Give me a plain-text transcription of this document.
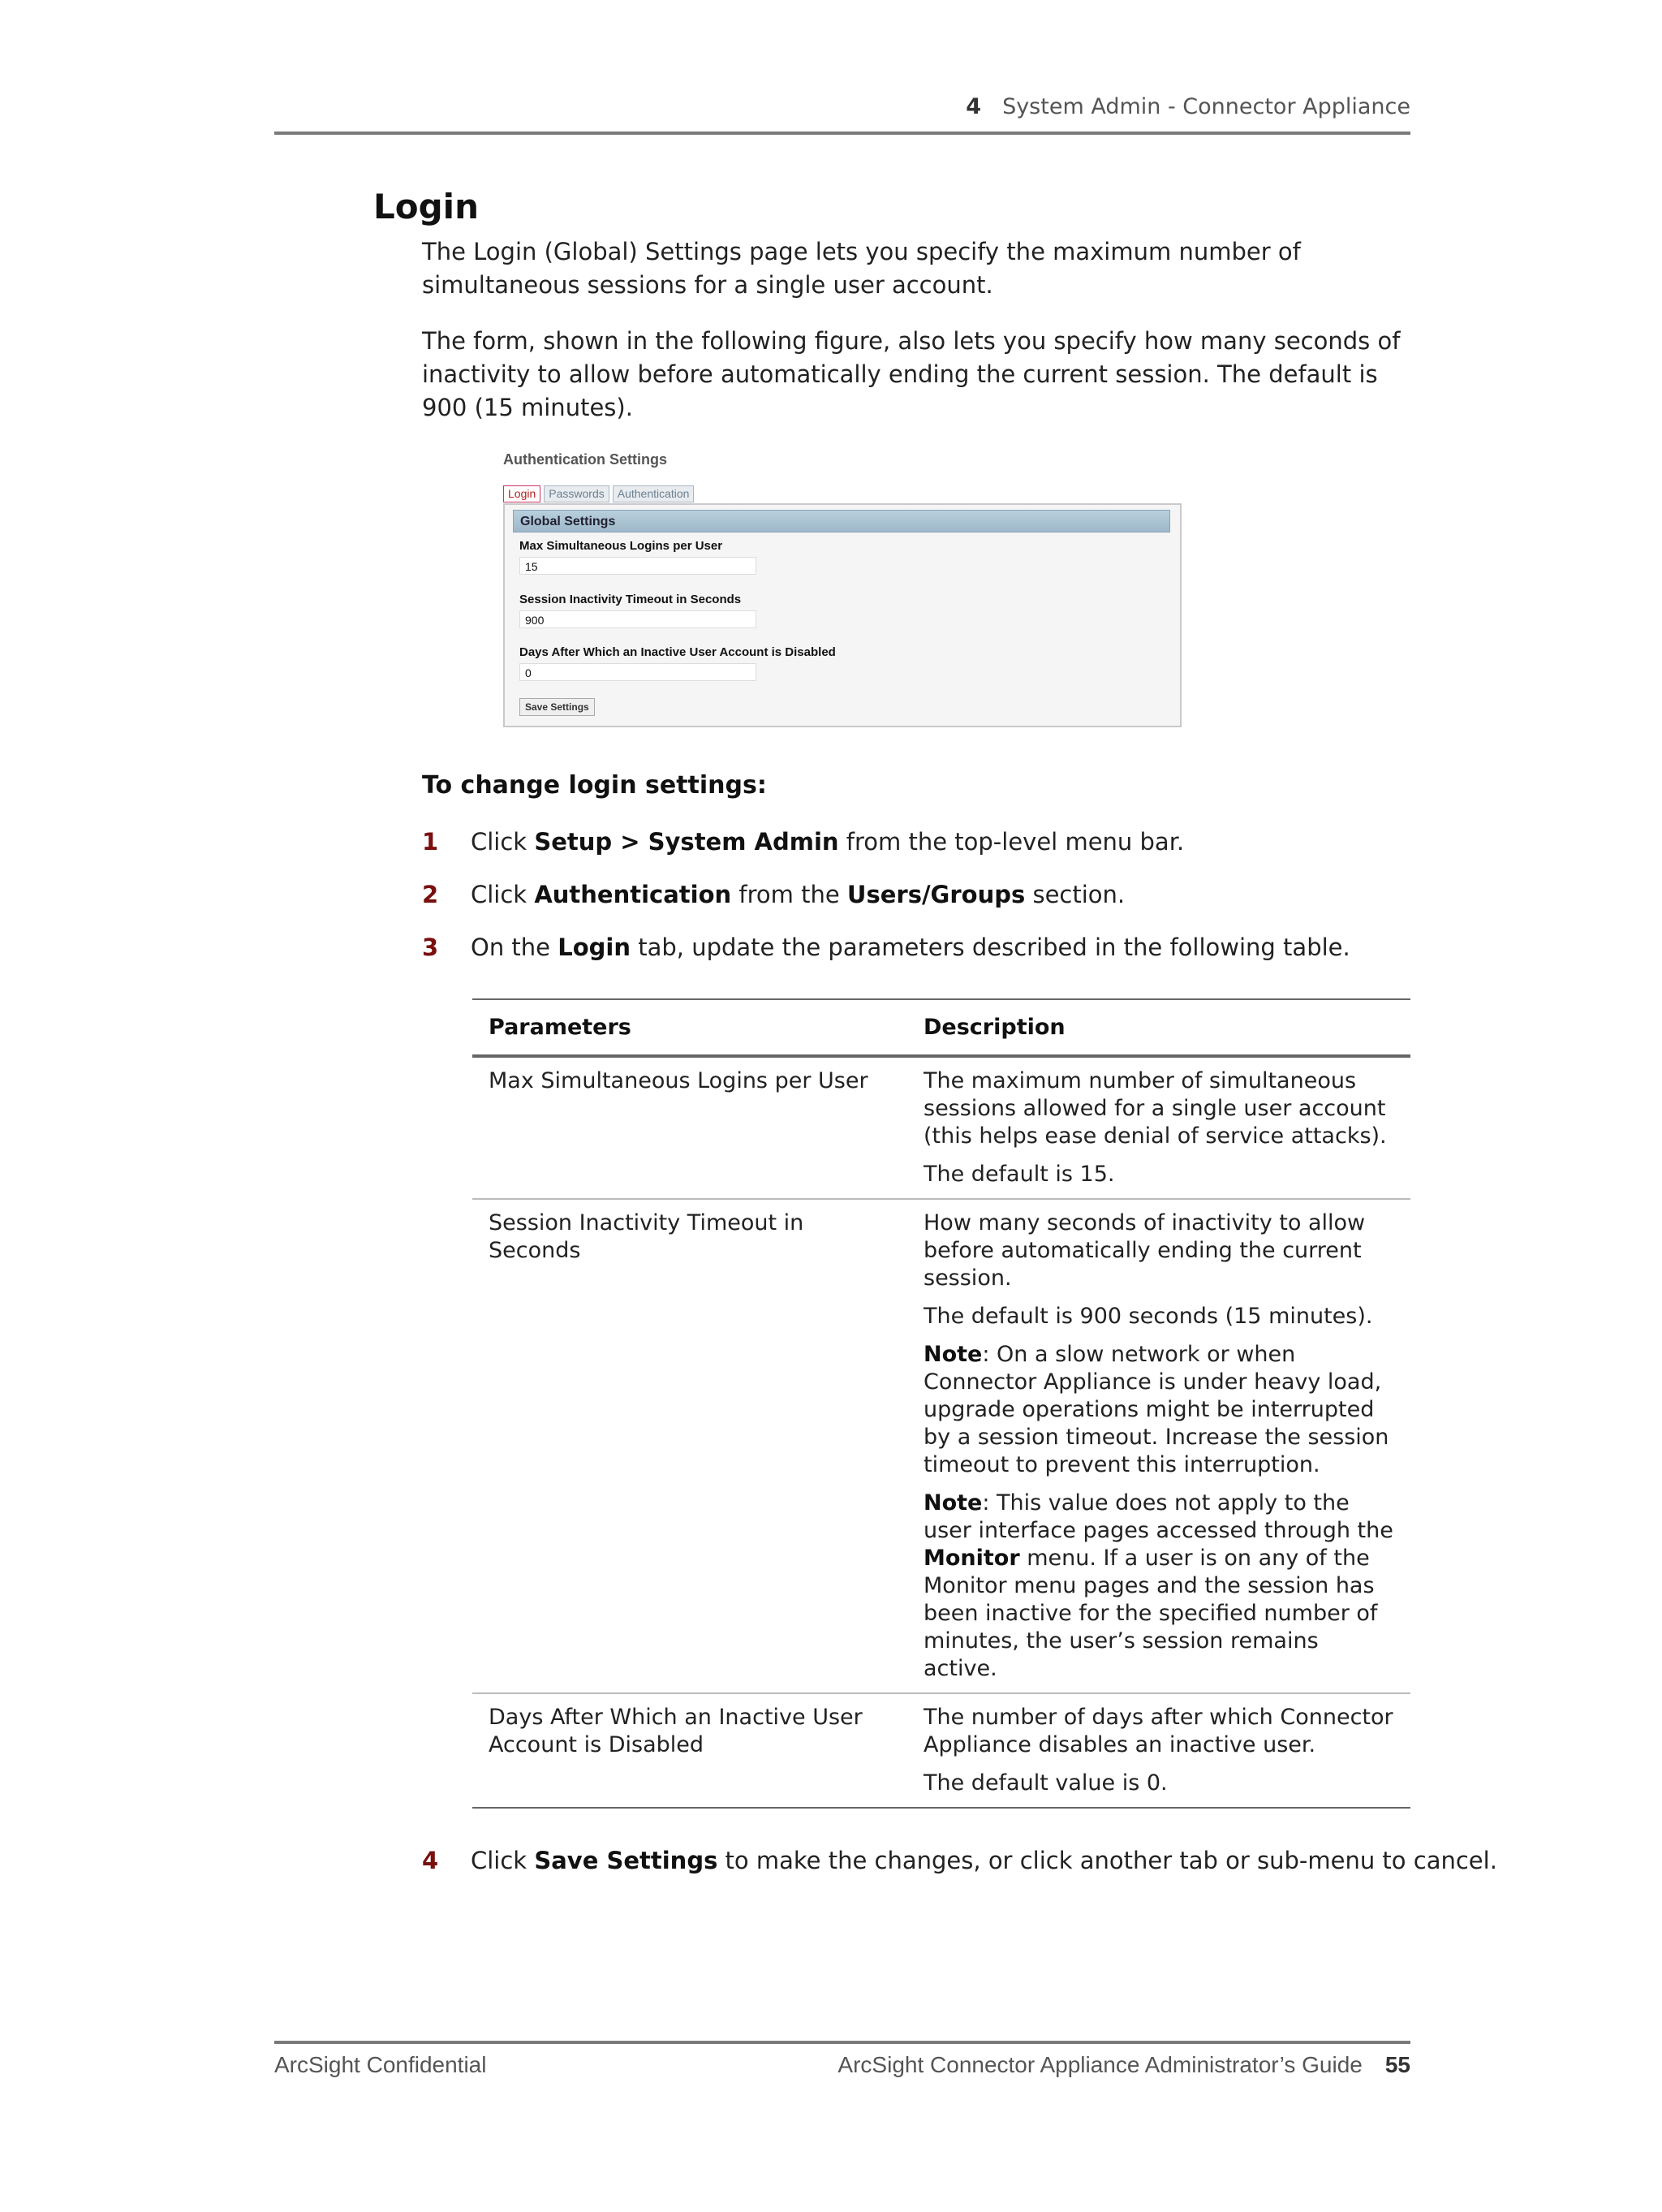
4 System Admin - Connector Appliance
Login

The Login (Global) Settings page lets you specify the maximum number of simultaneous sessions for a single user account.

The form, shown in the following figure, also lets you specify how many seconds of inactivity to allow before automatically ending the current session. The default is 900 (15 minutes).

Authentication Settings
Login	Passwords	Authentication
Global Settings
Max Simultaneous Logins per User
15
Session Inactivity Timeout in Seconds
900
Days After Which an Inactive User Account is Disabled
0
Save Settings
To change login settings:
1 Click Setup > System Admin from the top-level menu bar.
2 Click Authentication from the Users/Groups section.
3 On the Login tab, update the parameters described in the following table.
Parameters	Description
Max Simultaneous Logins per User	The maximum number of simultaneous sessions allowed for a single user account (this helps ease denial of service attacks).

The default is 15.

Session Inactivity Timeout in Seconds	How many seconds of inactivity to allow before automatically ending the current session.

The default is 900 seconds (15 minutes).

Note: On a slow network or when Connector Appliance is under heavy load, upgrade operations might be interrupted by a session timeout. Increase the session timeout to prevent this interruption.

Note: This value does not apply to the user interface pages accessed through the Monitor menu. If a user is on any of the Monitor menu pages and the session has been inactive for the specified number of minutes, the user’s session remains active.

Days After Which an Inactive User Account is Disabled	The number of days after which Connector Appliance disables an inactive user.

The default value is 0.

4 Click Save Settings to make the changes, or click another tab or sub-menu to cancel.
ArcSight Confidential	ArcSight Connector Appliance Administrator’s Guide 55
